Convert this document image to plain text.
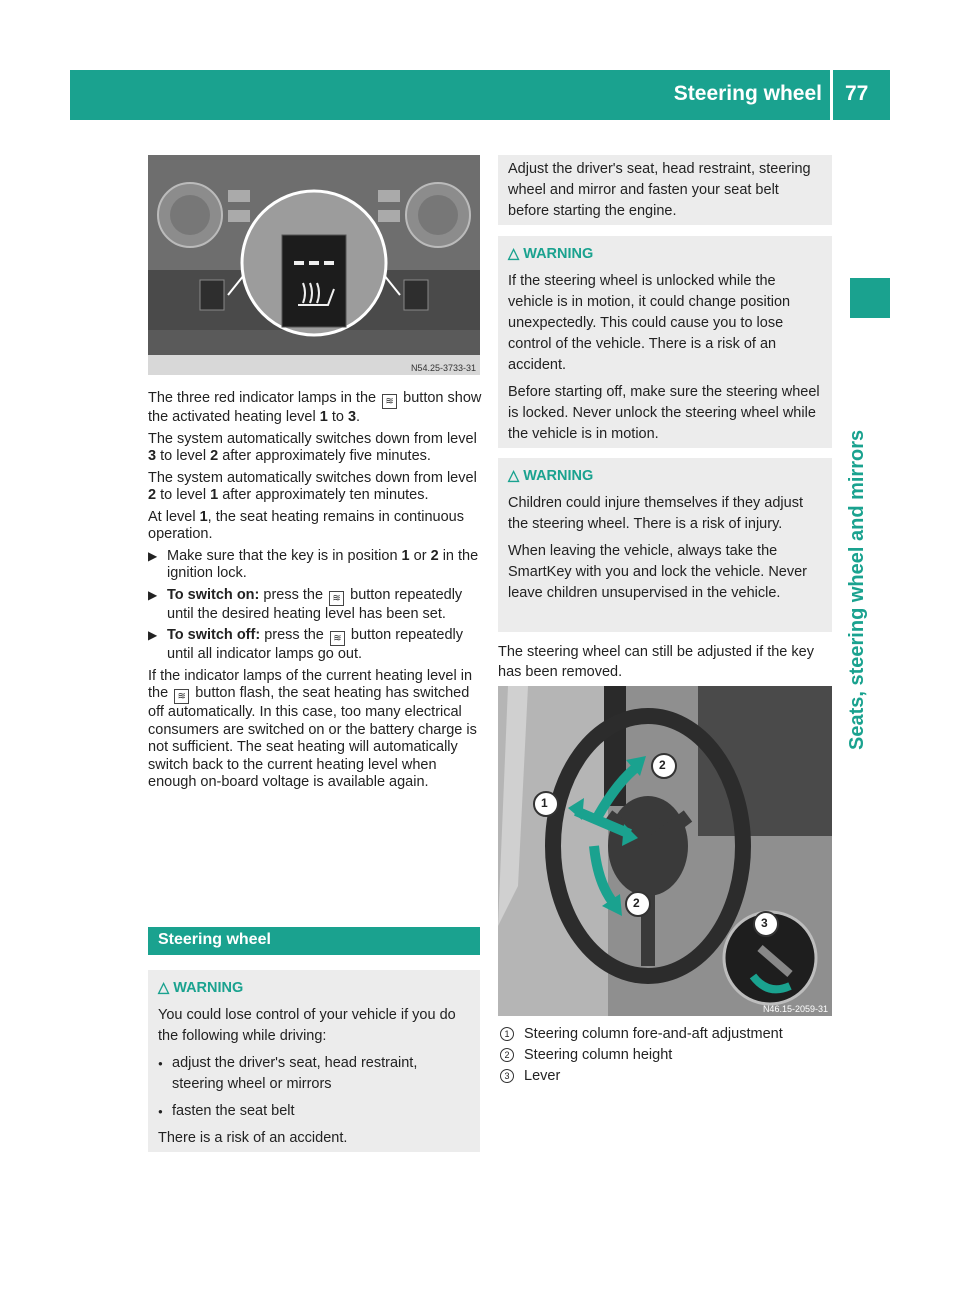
Steering wheel 77
Seats, steering wheel and mirrors
N54.25-3733-31

The three red indicator lamps in the ≋ button show the activated heating level 1 to 3.

The system automatically switches down from level 3 to level 2 after approximately five minutes.

The system automatically switches down from level 2 to level 1 after approximately ten minutes.

At level 1, the seat heating remains in continuous operation.

▶ Make sure that the key is in position 1 or 2 in the ignition lock.
▶ To switch on: press the ≋ button repeatedly until the desired heating level has been set.
▶ To switch off: press the ≋ button repeatedly until all indicator lamps go out.

If the indicator lamps of the current heating level in the ≋ button flash, the seat heating has switched off automatically. In this case, too many electrical consumers are switched on or the battery charge is not sufficient. The seat heating will automatically switch back to the current heating level when enough on-board voltage is available again.

Steering wheel
△ WARNING

You could lose control of your vehicle if you do the following while driving:

● adjust the driver's seat, head restraint, steering wheel or mirrors
● fasten the seat belt

There is a risk of an accident.

Adjust the driver's seat, head restraint, steering wheel and mirror and fasten your seat belt before starting the engine.

△ WARNING

If the steering wheel is unlocked while the vehicle is in motion, it could change position unexpectedly. This could cause you to lose control of the vehicle. There is a risk of an accident.

Before starting off, make sure the steering wheel is locked. Never unlock the steering wheel while the vehicle is in motion.

△ WARNING

Children could injure themselves if they adjust the steering wheel. There is a risk of injury.

When leaving the vehicle, always take the SmartKey with you and lock the vehicle. Never leave children unsupervised in the vehicle.

The steering wheel can still be adjusted if the key has been removed.
2
1
2
3
N46.15-2059-31
1	Steering column fore-and-aft adjustment
2	Steering column height
3	Lever
